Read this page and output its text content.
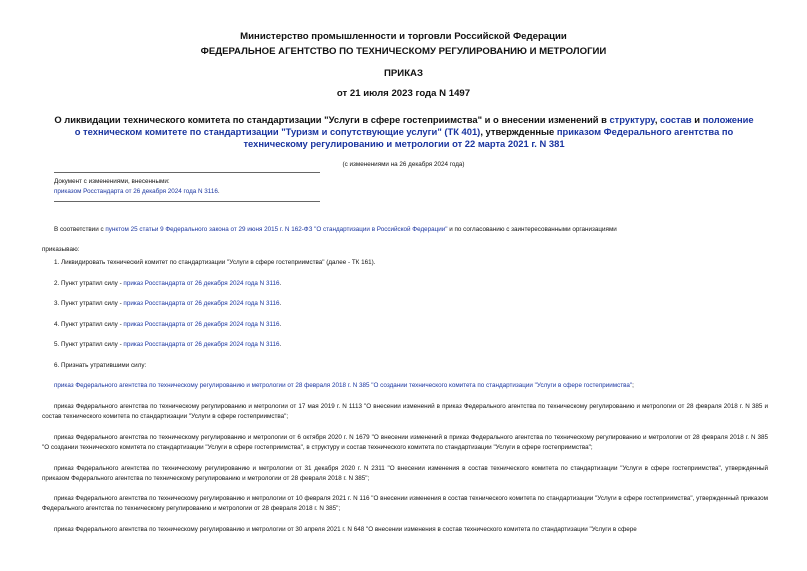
Министерство промышленности и торговли Российской Федерации
ФЕДЕРАЛЬНОЕ АГЕНТСТВО ПО ТЕХНИЧЕСКОМУ РЕГУЛИРОВАНИЮ И МЕТРОЛОГИИ
ПРИКАЗ
от 21 июля 2023 года N 1497
О ликвидации технического комитета по стандартизации "Услуги в сфере гостеприимства" и о внесении изменений в структуру, состав и положение о техническом комитете по стандартизации "Туризм и сопутствующие услуги" (ТК 401), утвержденные приказом Федерального агентства по техническому регулированию и метрологии от 22 марта 2021 г. N 381
(с изменениями на 26 декабря 2024 года)
Документ с изменениями, внесенными:
приказом Росстандарта от 26 декабря 2024 года N 3116.
В соответствии с пунктом 25 статьи 9 Федерального закона от 29 июня 2015 г. N 162-ФЗ "О стандартизации в Российской Федерации" и по согласованию с заинтересованными организациями
приказываю:
1. Ликвидировать технический комитет по стандартизации "Услуги в сфере гостеприимства" (далее - ТК 161).
2. Пункт утратил силу - приказ Росстандарта от 26 декабря 2024 года N 3116.
3. Пункт утратил силу - приказ Росстандарта от 26 декабря 2024 года N 3116.
4. Пункт утратил силу - приказ Росстандарта от 26 декабря 2024 года N 3116.
5. Пункт утратил силу - приказ Росстандарта от 26 декабря 2024 года N 3116.
6. Признать утратившими силу:
приказ Федерального агентства по техническому регулированию и метрологии от 28 февраля 2018 г. N 385 "О создании технического комитета по стандартизации "Услуги в сфере гостеприимства";
приказ Федерального агентства по техническому регулированию и метрологии от 17 мая 2019 г. N 1113 "О внесении изменений в приказ Федерального агентства по техническому регулированию и метрологии от 28 февраля 2018 г. N 385 и состав технического комитета по стандартизации "Услуги в сфере гостеприимства";
приказ Федерального агентства по техническому регулированию и метрологии от 6 октября 2020 г. N 1679 "О внесении изменений в приказ Федерального агентства по техническому регулированию и метрологии от 28 февраля 2018 г. N 385 "О создании технического комитета по стандартизации "Услуги в сфере гостеприимства", в структуру и состав технического комитета по стандартизации "Услуги в сфере гостеприимства";
приказ Федерального агентства по техническому регулированию и метрологии от 31 декабря 2020 г. N 2311 "О внесении изменения в состав технического комитета по стандартизации "Услуги в сфере гостеприимства", утвержденный приказом Федерального агентства по техническому регулированию и метрологии от 28 февраля 2018 г. N 385";
приказ Федерального агентства по техническому регулированию и метрологии от 10 февраля 2021 г. N 116 "О внесении изменения в состав технического комитета по стандартизации "Услуги в сфере гостеприимства", утвержденный приказом Федерального агентства по техническому регулированию и метрологии от 28 февраля 2018 г. N 385";
приказ Федерального агентства по техническому регулированию и метрологии от 30 апреля 2021 г. N 648 "О внесении изменения в состав технического комитета по стандартизации "Услуги в сфере
